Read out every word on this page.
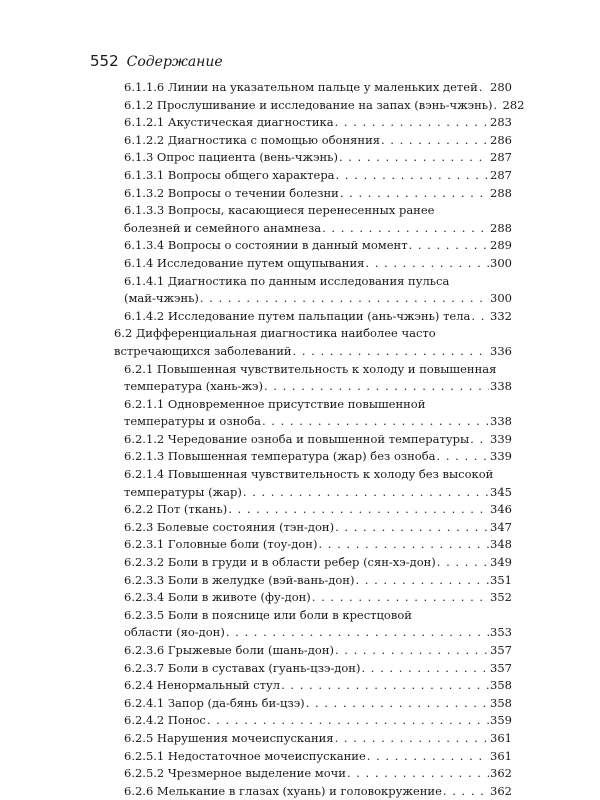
552 Содержание
6.1.1.6 Линии на указательном пальце у маленьких детей . . . 280
6.1.2 Прослушивание и исследование на запах (вэнь-чжэнь) . . . 282
6.1.2.1 Акустическая диагностика . . .	283
6.1.2.2 Диагностика с помощью обоняния . . .	286
6.1.3 Опрос пациента (вень-чжэнь) . . .	287
6.1.3.1 Вопросы общего характера . . .	287
6.1.3.2 Вопросы о течении болезни . . .	288
6.1.3.3 Вопросы, касающиеся перенесенных ранее
болезней и семейного анамнеза . . .	288
6.1.3.4 Вопросы о состоянии в данный момент . . .	289
6.1.4 Исследование путем ощупывания . . .	300
6.1.4.1 Диагностика по данным исследования пульса
(май-чжэнь) . . .	300
6.1.4.2 Исследование путем пальпации (ань-чжэнь) тела . . . 332
6.2 Дифференциальная диагностика наиболее часто
встречающихся заболеваний . . .	336
6.2.1 Повышенная чувствительность к холоду и повышенная
температура (хань-жэ) . . .	338
6.2.1.1 Одновременное присутствие повышенной
температуры и озноба . . .	338
6.2.1.2 Чередование озноба и повышенной температуры . . . 339
6.2.1.3 Повышенная температура (жар) без озноба . . .	339
6.2.1.4 Повышенная чувствительность к холоду без высокой
температуры (жар) . . .	345
6.2.2 Пот (ткань) . . .	346
6.2.3 Болевые состояния (тэн-дон) . . .	347
6.2.3.1 Головные боли (тоу-дон) . . .	348
6.2.3.2 Боли в груди и в области ребер (сян-хэ-дон) . . .	349
6.2.3.3 Боли в желудке (вэй-вань-дон) . . .	351
6.2.3.4 Боли в животе (фу-дон) . . .	352
6.2.3.5 Боли в пояснице или боли в крестцовой
области (яо-дон) . . .	353
6.2.3.6 Грыжевые боли (шань-дон) . . .	357
6.2.3.7 Боли в суставах (гуань-цзэ-дон) . . .	357
6.2.4 Ненормальный стул . . .	358
6.2.4.1 Запор (да-бянь би-цзэ) . . .	358
6.2.4.2 Понос . . .	359
6.2.5 Нарушения мочеиспускания . . .	361
6.2.5.1 Недостаточное мочеиспускание . . .	361
6.2.5.2 Чрезмерное выделение мочи . . .	362
6.2.6 Мелькание в глазах (хуань) и головокружение . . .	362
